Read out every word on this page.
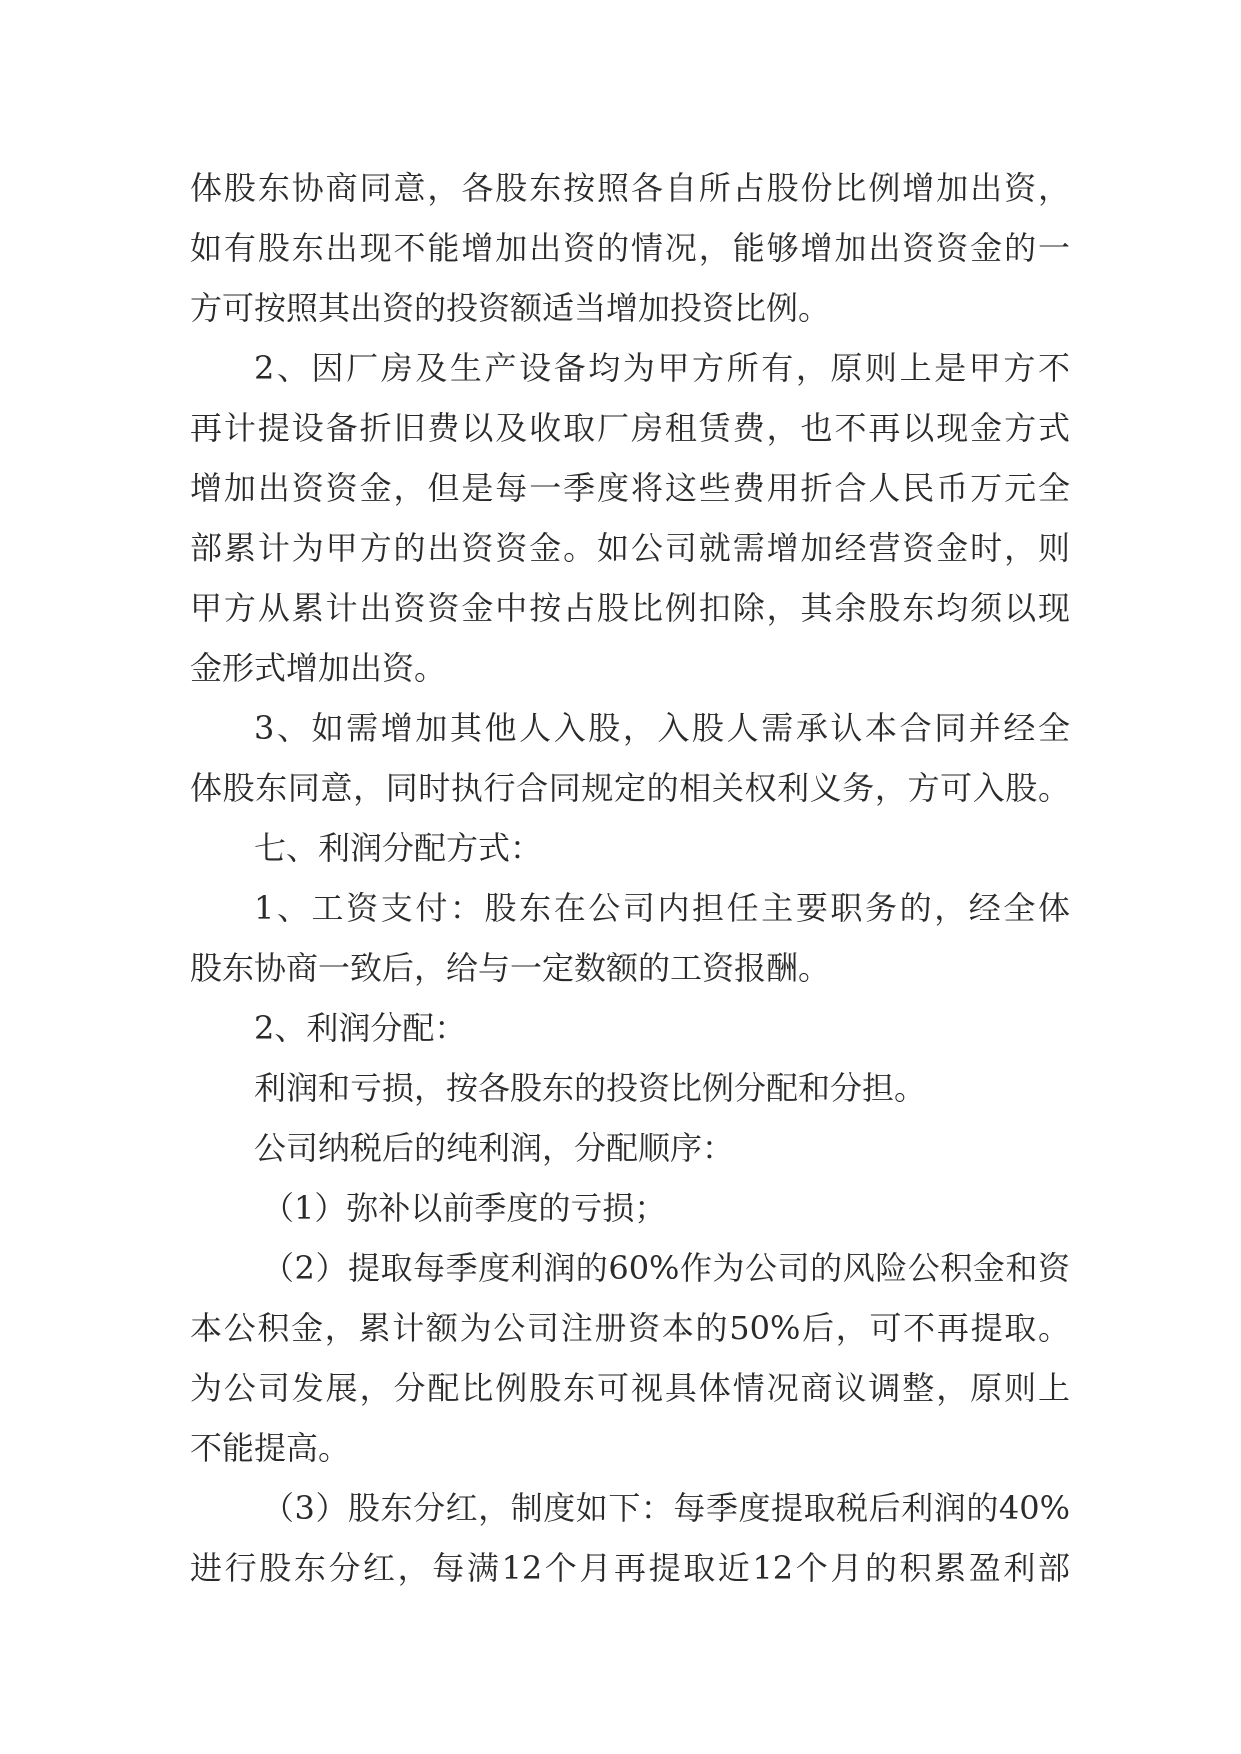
体股东协商同意，各股东按照各自所占股份比例增加出资，
如有股东出现不能增加出资的情况，能够增加出资资金的一
方可按照其出资的投资额适当增加投资比例。
2、因厂房及生产设备均为甲方所有，原则上是甲方不
再计提设备折旧费以及收取厂房租赁费，也不再以现金方式
增加出资资金，但是每一季度将这些费用折合人民币万元全
部累计为甲方的出资资金。如公司就需增加经营资金时，则
甲方从累计出资资金中按占股比例扣除，其余股东均须以现
金形式增加出资。
3、如需增加其他人入股，入股人需承认本合同并经全
体股东同意，同时执行合同规定的相关权利义务，方可入股。
七、利润分配方式：
1、工资支付：股东在公司内担任主要职务的，经全体
股东协商一致后，给与一定数额的工资报酬。
2、利润分配：
利润和亏损，按各股东的投资比例分配和分担。
公司纳税后的纯利润，分配顺序：
（1）弥补以前季度的亏损；
（2）提取每季度利润的60%作为公司的风险公积金和资
本公积金，累计额为公司注册资本的50%后，可不再提取。
为公司发展，分配比例股东可视具体情况商议调整，原则上
不能提高。
（3）股东分红，制度如下：每季度提取税后利润的40%
进行股东分红，每满12个月再提取近12个月的积累盈利部
